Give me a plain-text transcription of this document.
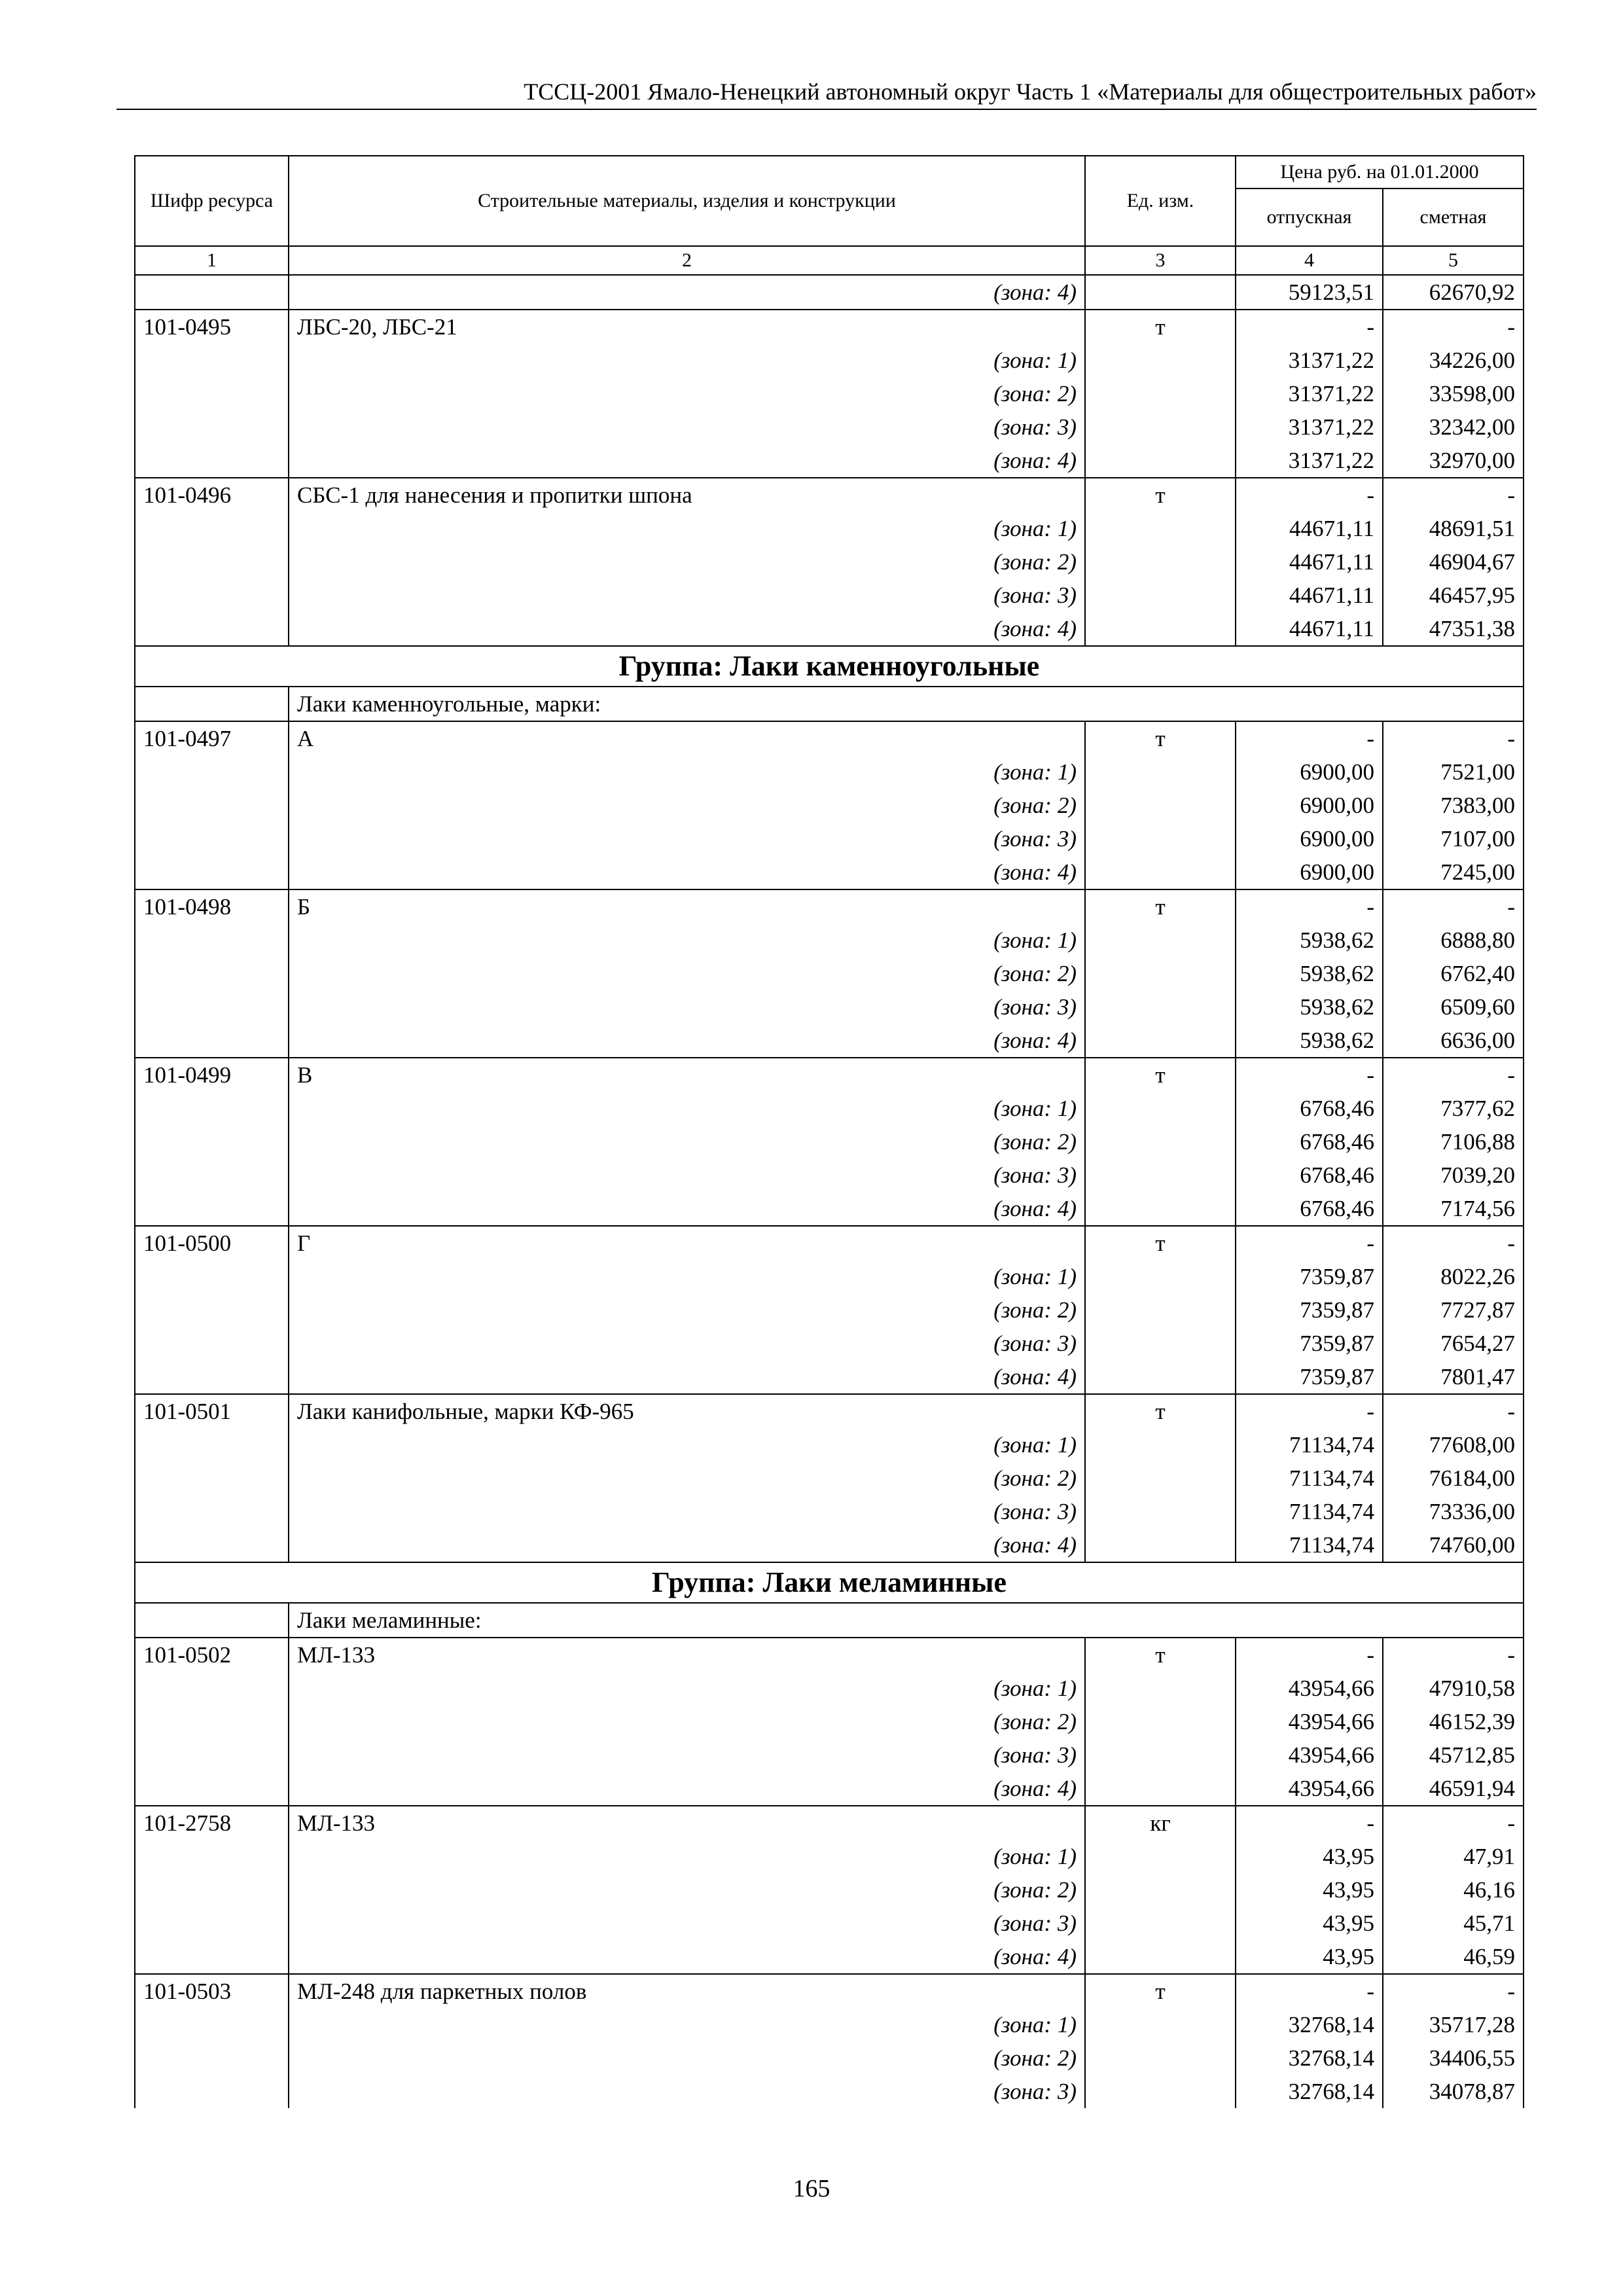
ТССЦ-2001 Ямало-Ненецкий автономный округ Часть 1 «Материалы для общестроительных работ»
Шифр ресурса	Строительные материалы, изделия и конструкции	Ед. изм.	Цена руб. на 01.01.2000	
			отпускная	сметная
1	2	3	4	5
	(зона: 4)		59123,51	62670,92
101-0495	ЛБС-20, ЛБС-21	т	-	-
	(зона: 1)		31371,22	34226,00
	(зона: 2)		31371,22	33598,00
	(зона: 3)		31371,22	32342,00
	(зона: 4)		31371,22	32970,00
101-0496	СБС-1 для нанесения и пропитки шпона	т	-	-
	(зона: 1)		44671,11	48691,51
	(зона: 2)		44671,11	46904,67
	(зона: 3)		44671,11	46457,95
	(зона: 4)		44671,11	47351,38
Группа: Лаки каменноугольные				
	Лаки каменноугольные, марки:			
101-0497	А	т	-	-
	(зона: 1)		6900,00	7521,00
	(зона: 2)		6900,00	7383,00
	(зона: 3)		6900,00	7107,00
	(зона: 4)		6900,00	7245,00
101-0498	Б	т	-	-
	(зона: 1)		5938,62	6888,80
	(зона: 2)		5938,62	6762,40
	(зона: 3)		5938,62	6509,60
	(зона: 4)		5938,62	6636,00
101-0499	В	т	-	-
	(зона: 1)		6768,46	7377,62
	(зона: 2)		6768,46	7106,88
	(зона: 3)		6768,46	7039,20
	(зона: 4)		6768,46	7174,56
101-0500	Г	т	-	-
	(зона: 1)		7359,87	8022,26
	(зона: 2)		7359,87	7727,87
	(зона: 3)		7359,87	7654,27
	(зона: 4)		7359,87	7801,47
101-0501	Лаки канифольные, марки КФ-965	т	-	-
	(зона: 1)		71134,74	77608,00
	(зона: 2)		71134,74	76184,00
	(зона: 3)		71134,74	73336,00
	(зона: 4)		71134,74	74760,00
Группа: Лаки меламинные				
	Лаки меламинные:			
101-0502	МЛ-133	т	-	-
	(зона: 1)		43954,66	47910,58
	(зона: 2)		43954,66	46152,39
	(зона: 3)		43954,66	45712,85
	(зона: 4)		43954,66	46591,94
101-2758	МЛ-133	кг	-	-
	(зона: 1)		43,95	47,91
	(зона: 2)		43,95	46,16
	(зона: 3)		43,95	45,71
	(зона: 4)		43,95	46,59
101-0503	МЛ-248 для паркетных полов	т	-	-
	(зона: 1)		32768,14	35717,28
	(зона: 2)		32768,14	34406,55
	(зона: 3)		32768,14	34078,87
165
